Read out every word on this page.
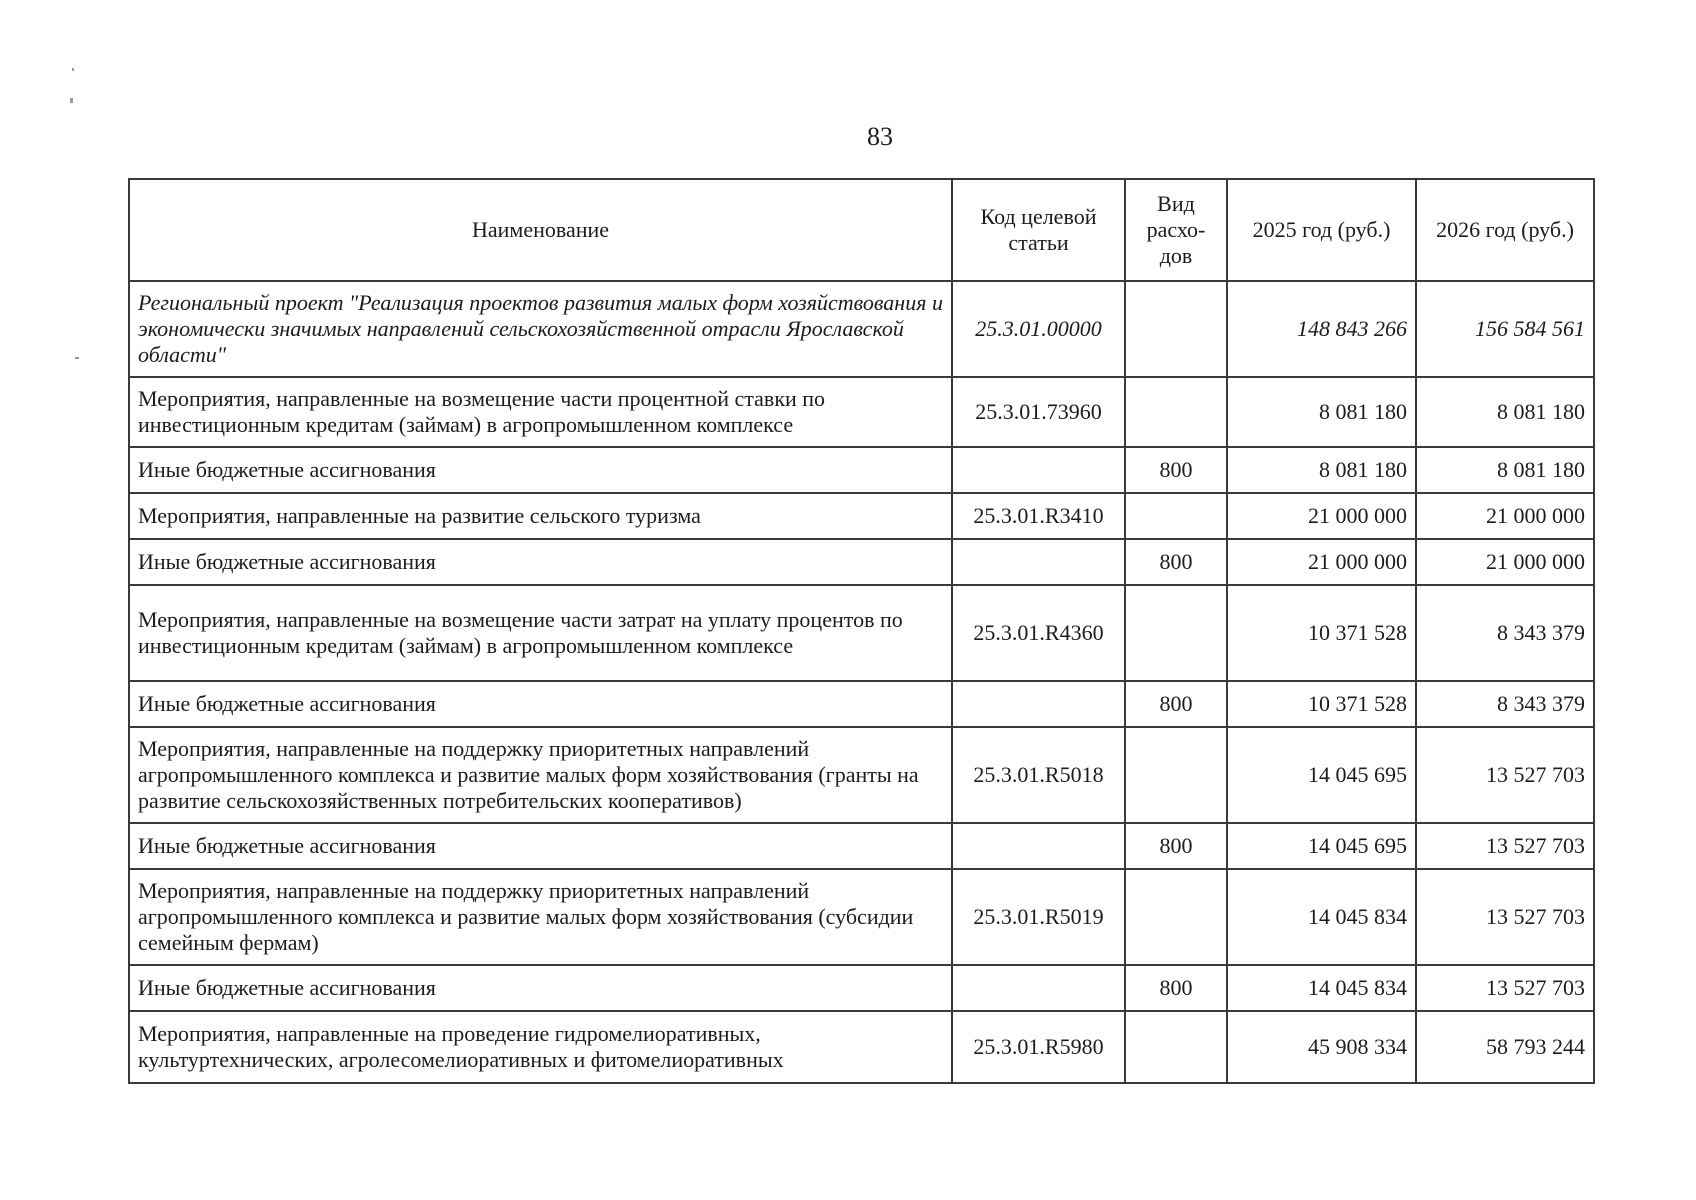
83
Наименование	Код целевой статьи	Вид расхо-дов	2025 год (руб.)	2026 год (руб.)
Региональный проект "Реализация проектов развития малых форм хозяйствования и экономически значимых направлений сельскохозяйственной отрасли Ярославской области"	25.3.01.00000		148 843 266	156 584 561
Мероприятия, направленные на возмещение части процентной ставки по инвестиционным кредитам (займам) в агропромышленном комплексе	25.3.01.73960		8 081 180	8 081 180
Иные бюджетные ассигнования		800	8 081 180	8 081 180
Мероприятия, направленные на развитие сельского туризма	25.3.01.R3410		21 000 000	21 000 000
Иные бюджетные ассигнования		800	21 000 000	21 000 000
Мероприятия, направленные на возмещение части затрат на уплату процентов по инвестиционным кредитам (займам) в агропромышленном комплексе	25.3.01.R4360		10 371 528	8 343 379
Иные бюджетные ассигнования		800	10 371 528	8 343 379
Мероприятия, направленные на поддержку приоритетных направлений агропромышленного комплекса и развитие малых форм хозяйствования (гранты на развитие сельскохозяйственных потребительских кооперативов)	25.3.01.R5018		14 045 695	13 527 703
Иные бюджетные ассигнования		800	14 045 695	13 527 703
Мероприятия, направленные на поддержку приоритетных направлений агропромышленного комплекса и развитие малых форм хозяйствования (субсидии семейным фермам)	25.3.01.R5019		14 045 834	13 527 703
Иные бюджетные ассигнования		800	14 045 834	13 527 703
Мероприятия, направленные на проведение гидромелиоративных, культуртехнических, агролесомелиоративных и фитомелиоративных	25.3.01.R5980		45 908 334	58 793 244
